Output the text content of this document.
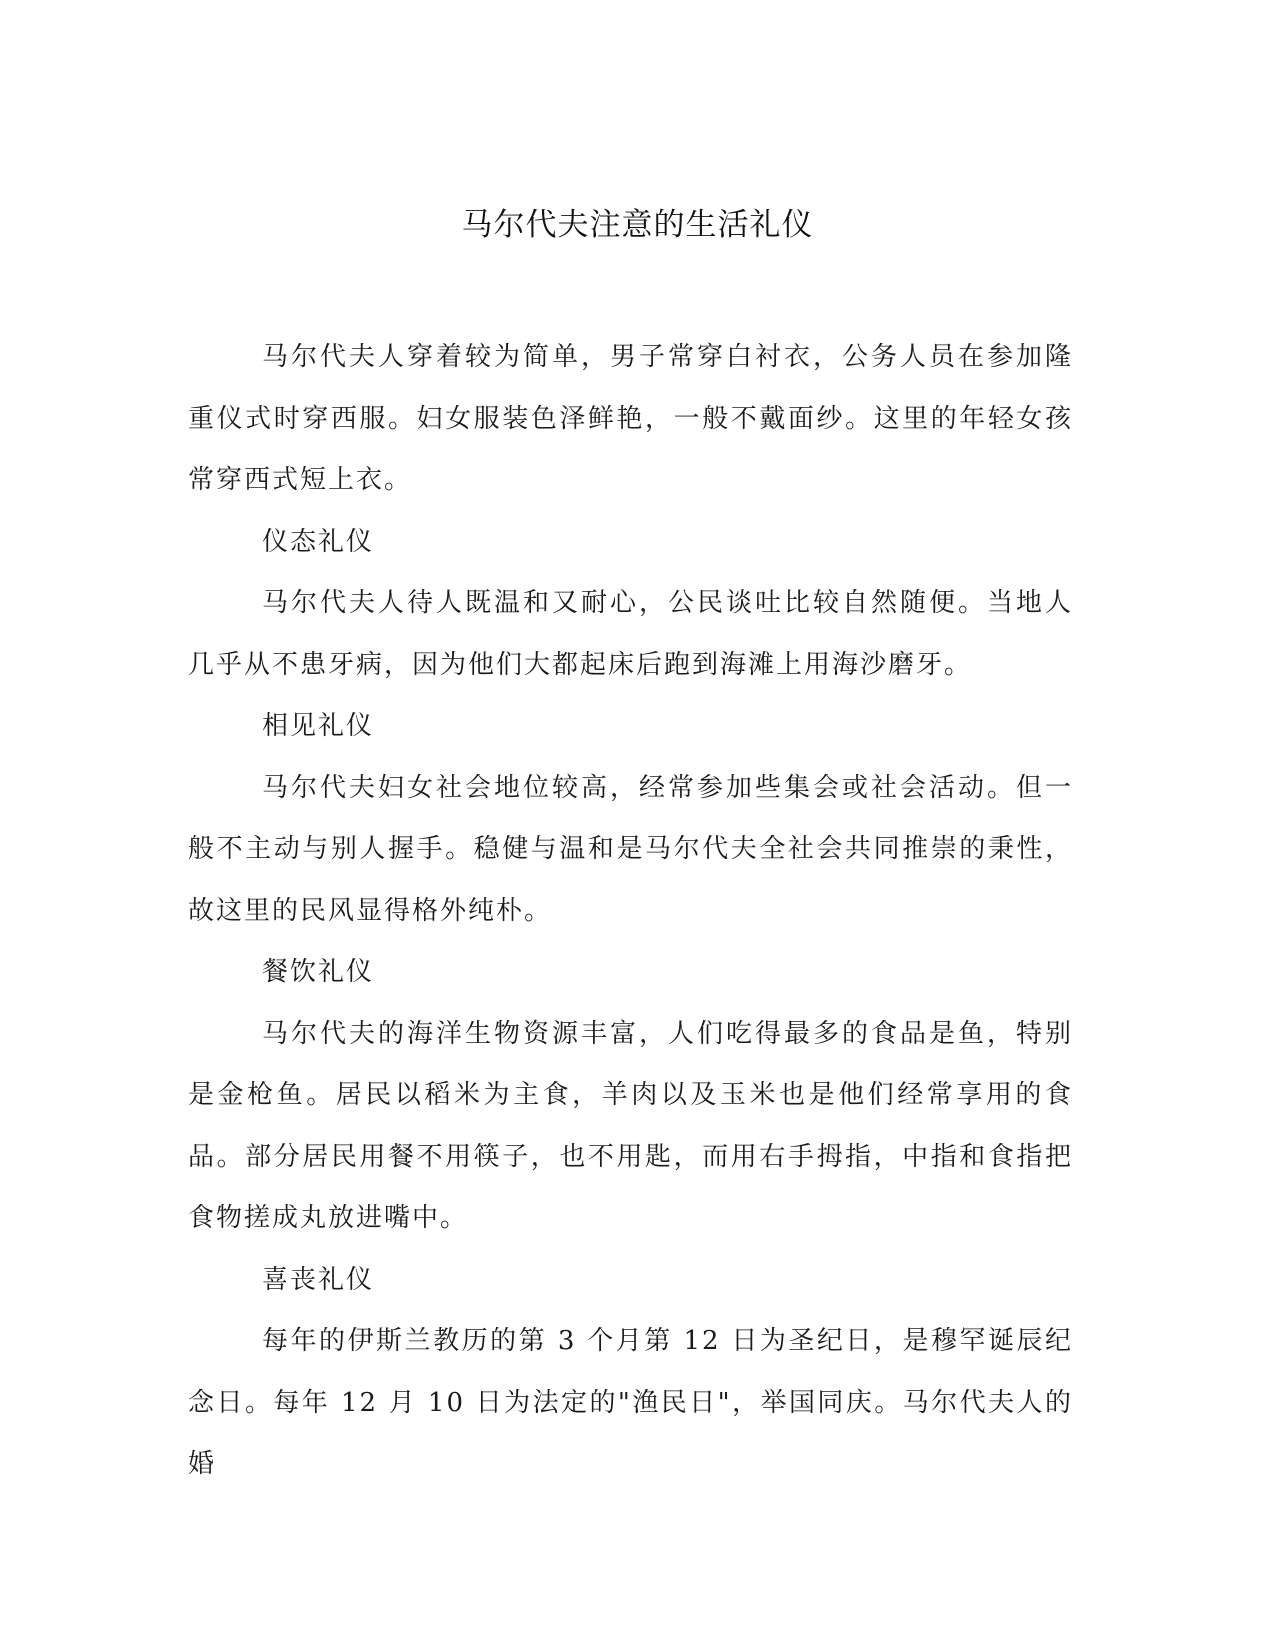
马尔代夫注意的生活礼仪

马尔代夫人穿着较为简单，男子常穿白衬衣，公务人员在参加隆重仪式时穿西服。妇女服装色泽鲜艳，一般不戴面纱。这里的年轻女孩常穿西式短上衣。

仪态礼仪

马尔代夫人待人既温和又耐心，公民谈吐比较自然随便。当地人几乎从不患牙病，因为他们大都起床后跑到海滩上用海沙磨牙。

相见礼仪

马尔代夫妇女社会地位较高，经常参加些集会或社会活动。但一般不主动与别人握手。稳健与温和是马尔代夫全社会共同推崇的秉性，故这里的民风显得格外纯朴。

餐饮礼仪

马尔代夫的海洋生物资源丰富，人们吃得最多的食品是鱼，特别是金枪鱼。居民以稻米为主食，羊肉以及玉米也是他们经常享用的食品。部分居民用餐不用筷子，也不用匙，而用右手拇指，中指和食指把食物搓成丸放进嘴中。

喜丧礼仪

每年的伊斯兰教历的第 3 个月第 12 日为圣纪日，是穆罕诞辰纪念日。每年 12 月 10 日为法定的"渔民日"，举国同庆。马尔代夫人的婚
